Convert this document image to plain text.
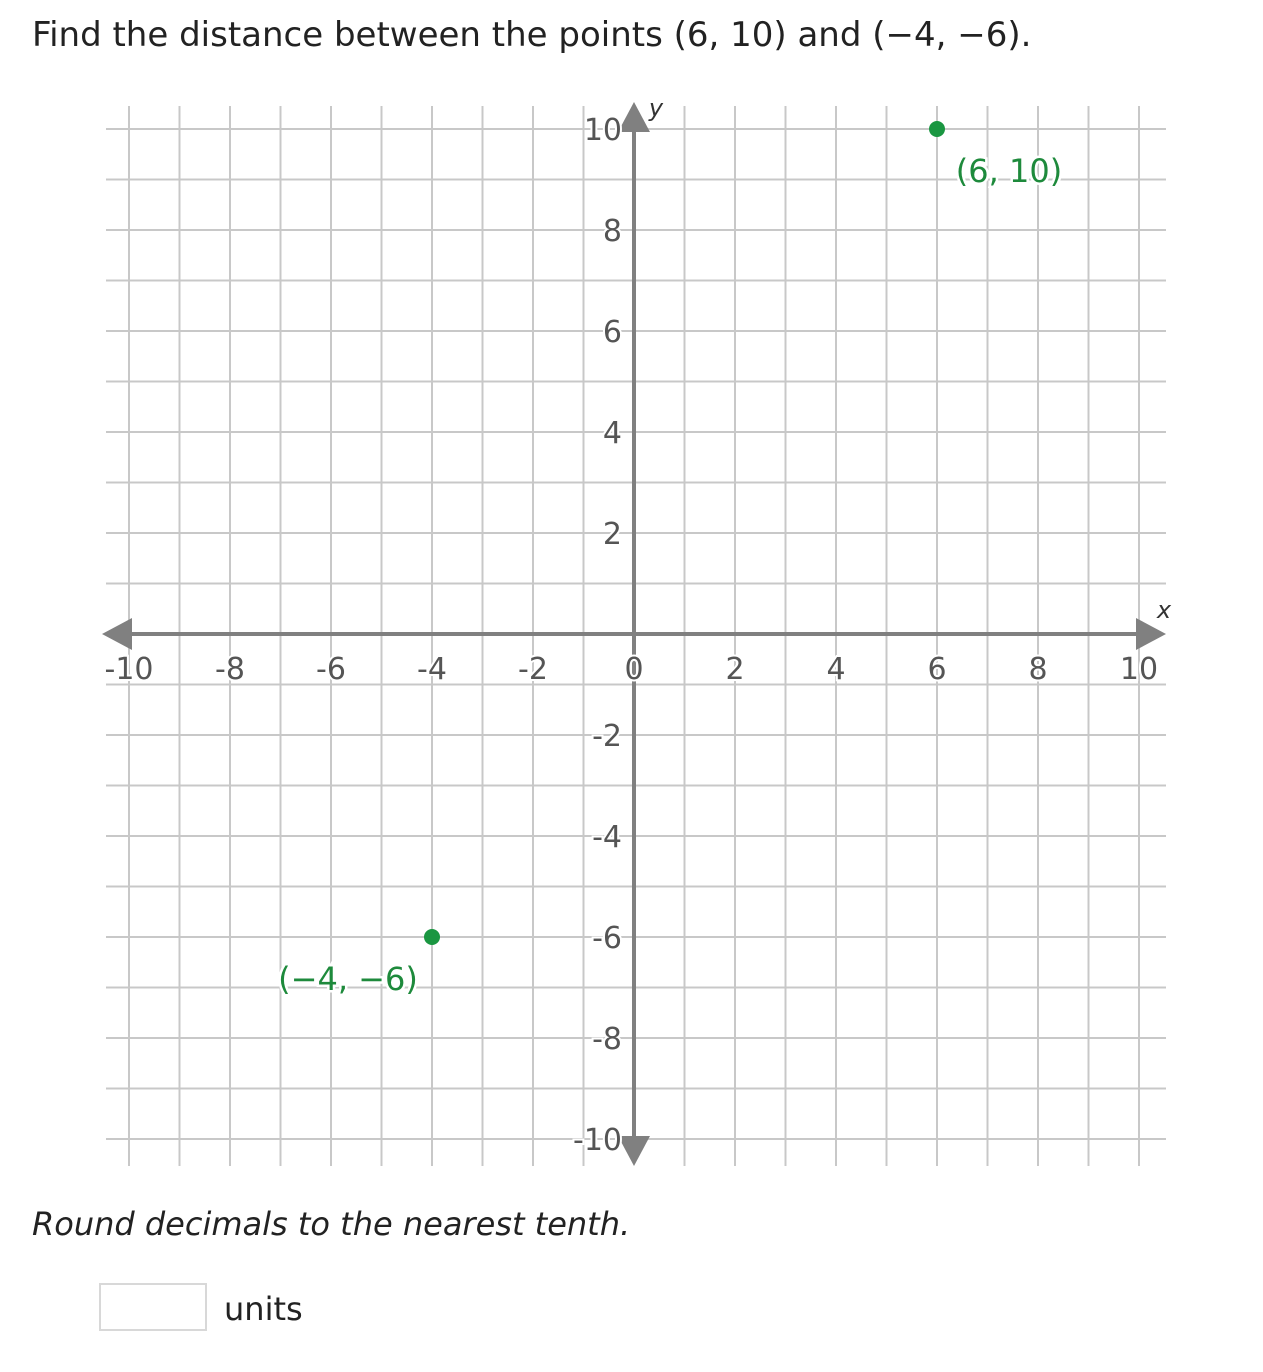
Find the distance between the points (6, 10) and (−4, −6).
x
y
-10 -8 -6 -4 -2	0	2	4	6	8 10
10
8
6
4
2
-2
-4
-6
-8
-10
(6, 10)
(−4, −6)
Round decimals to the nearest tenth.
units
